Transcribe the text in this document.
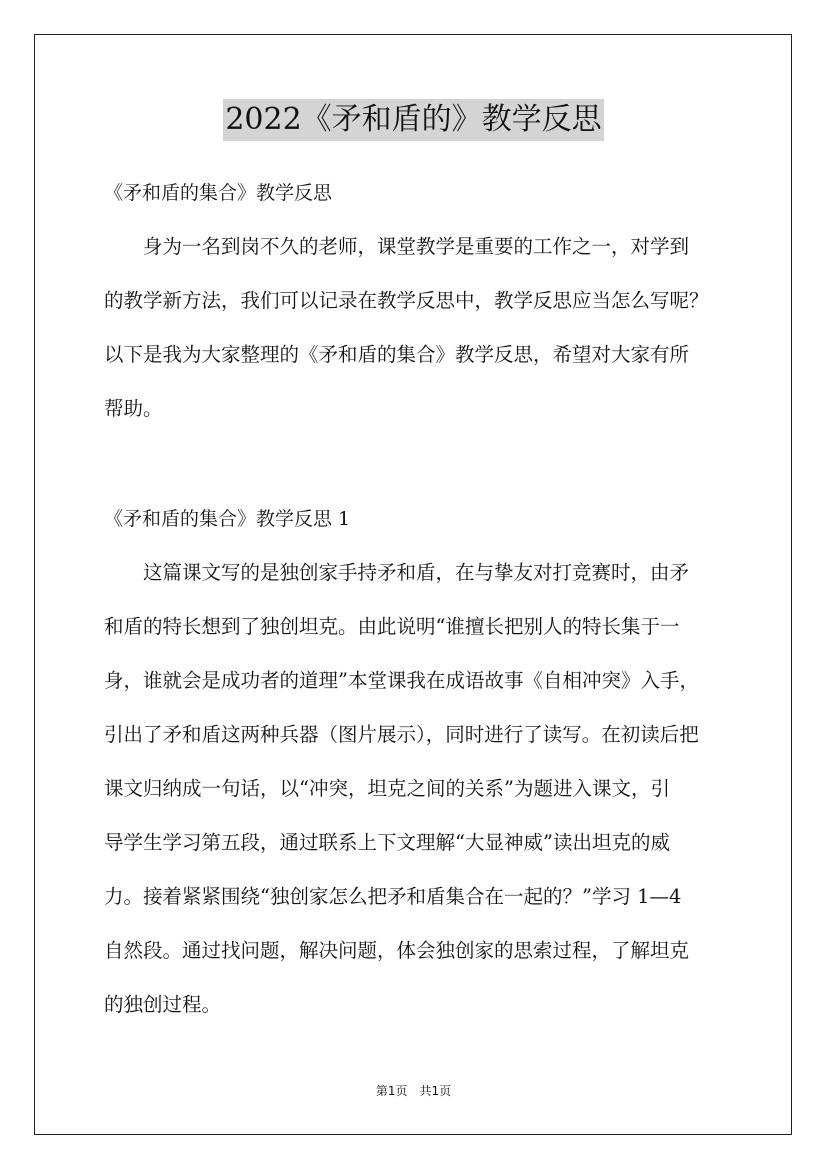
2022《矛和盾的》教学反思
《矛和盾的集合》教学反思
　　身为一名到岗不久的老师，课堂教学是重要的工作之一，对学到
的教学新方法，我们可以记录在教学反思中，教学反思应当怎么写呢？
以下是我为大家整理的《矛和盾的集合》教学反思，希望对大家有所
帮助。
《矛和盾的集合》教学反思 1
　　这篇课文写的是独创家手持矛和盾，在与挚友对打竞赛时，由矛
和盾的特长想到了独创坦克。由此说明“谁擅长把别人的特长集于一
身，谁就会是成功者的道理”本堂课我在成语故事《自相冲突》入手，
引出了矛和盾这两种兵器（图片展示），同时进行了读写。在初读后把
课文归纳成一句话，以“冲突，坦克之间的关系”为题进入课文，引
导学生学习第五段，通过联系上下文理解“大显神威”读出坦克的威
力。接着紧紧围绕“独创家怎么把矛和盾集合在一起的？”学习 1—4
自然段。通过找问题，解决问题，体会独创家的思索过程，了解坦克
的独创过程。
第1页　共1页
